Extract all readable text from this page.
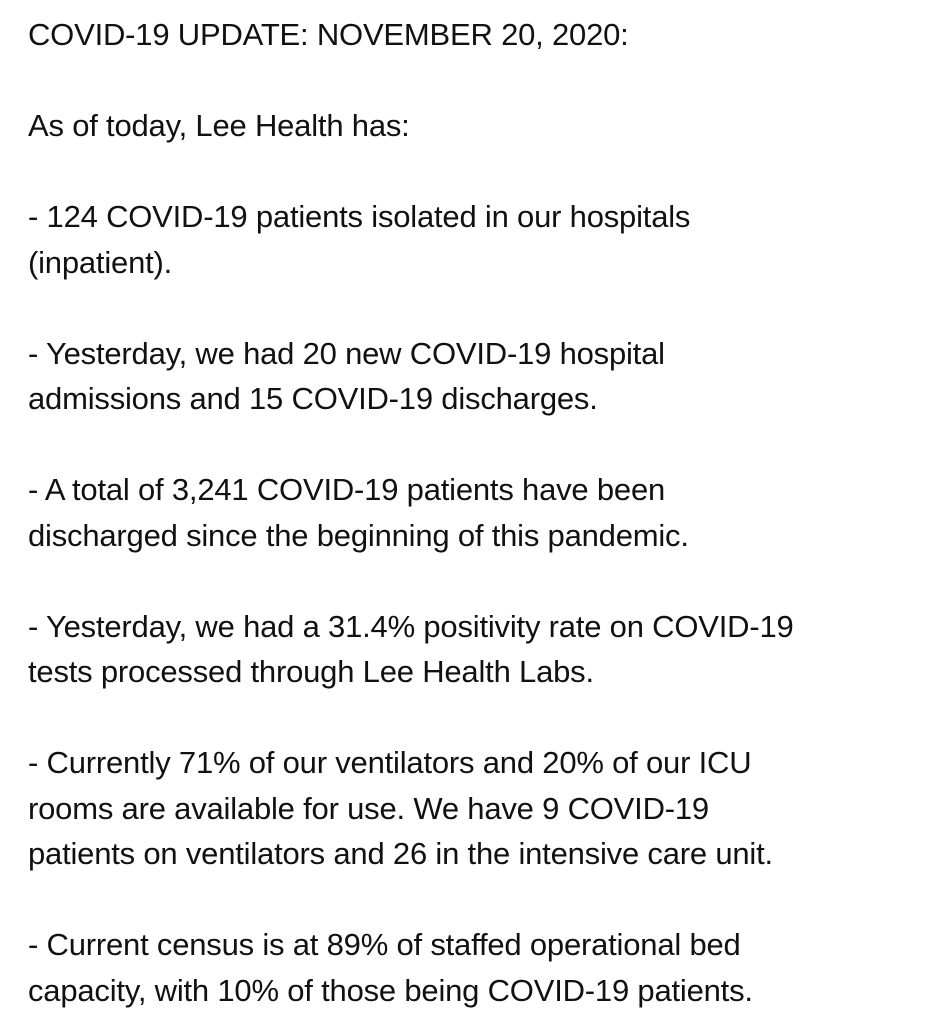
COVID-19 UPDATE: NOVEMBER 20, 2020:
As of today, Lee Health has:
- 124 COVID-19 patients isolated in our hospitals
(inpatient).
- Yesterday, we had 20 new COVID-19 hospital
admissions and 15 COVID-19 discharges.
- A total of 3,241 COVID-19 patients have been
discharged since the beginning of this pandemic.
- Yesterday, we had a 31.4% positivity rate on COVID-19
tests processed through Lee Health Labs.
- Currently 71% of our ventilators and 20% of our ICU
rooms are available for use. We have 9 COVID-19
patients on ventilators and 26 in the intensive care unit.
- Current census is at 89% of staffed operational bed
capacity, with 10% of those being COVID-19 patients.
